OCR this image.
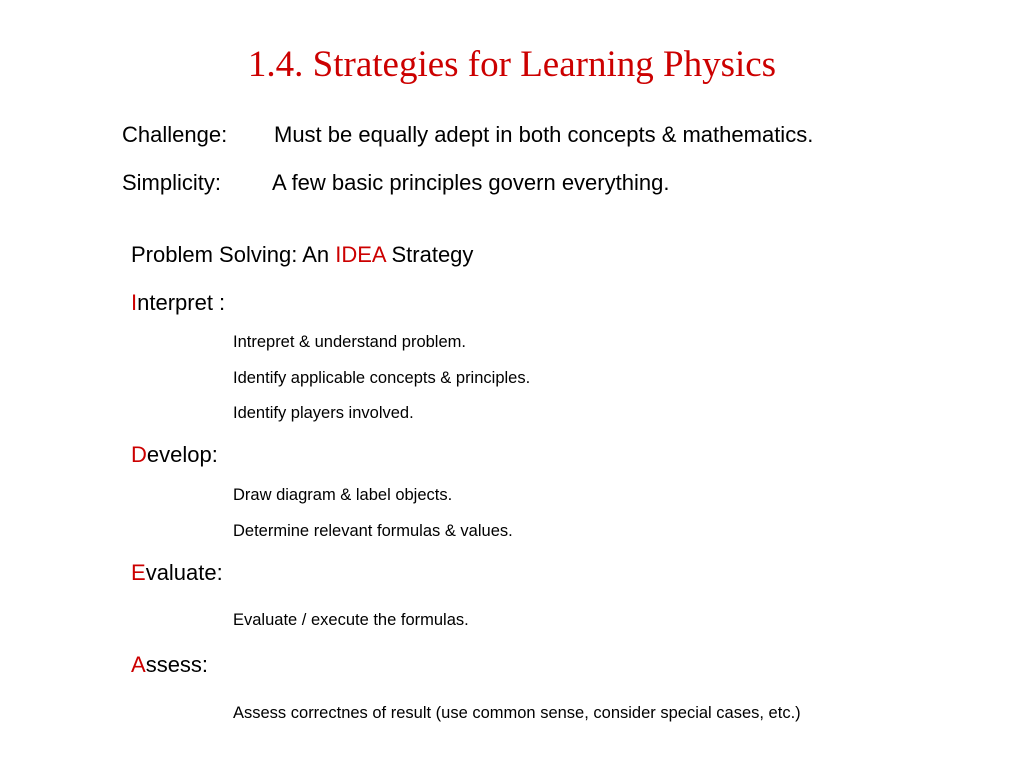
1.4. Strategies for Learning Physics
Challenge: Must be equally adept in both concepts & mathematics.
Simplicity: A few basic principles govern everything.
Problem Solving: An IDEA Strategy
Interpret :
Intrepret & understand problem.
Identify applicable concepts & principles.
Identify players involved.
Develop:
Draw diagram & label objects.
Determine relevant formulas & values.
Evaluate:
Evaluate / execute the formulas.
Assess:
Assess correctnes of result (use common sense, consider special cases, etc.)
